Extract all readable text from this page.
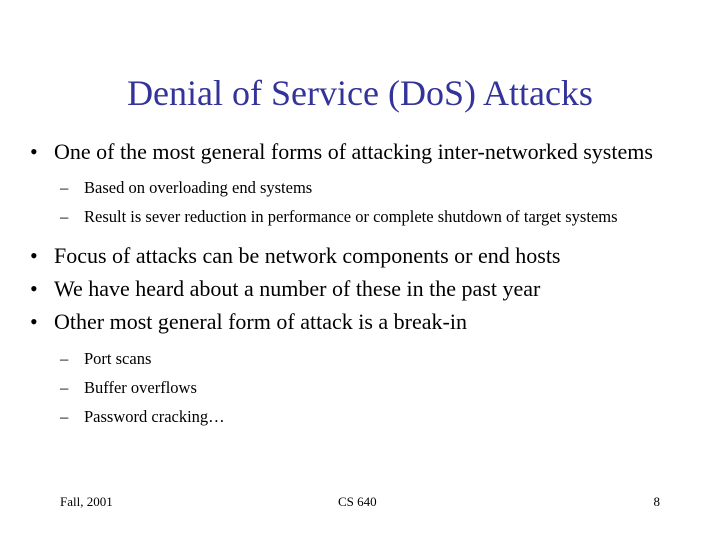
Denial of Service (DoS) Attacks
• One of the most general forms of attacking inter-networked systems
– Based on overloading end systems
– Result is sever reduction in performance or complete shutdown of target systems
• Focus of attacks can be network components or end hosts
• We have heard about a number of these in the past year
• Other most general form of attack is a break-in
– Port scans
– Buffer overflows
– Password cracking…
Fall, 2001	CS 640	8
